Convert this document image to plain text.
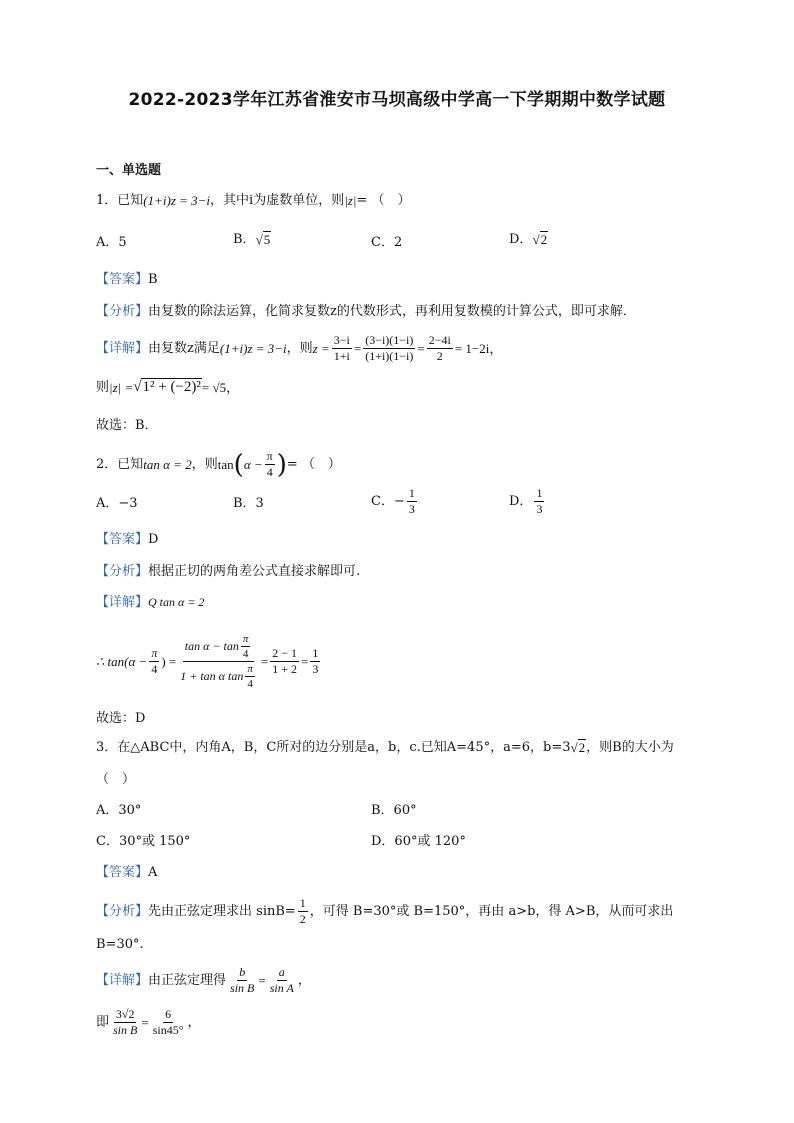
2022-2023学年江苏省淮安市马坝高级中学高一下学期期中数学试题
一、单选题
1．已知 (1+i)z = 3−i ，其中i为虚数单位，则 |z| = （　）
A．5	B． √5	C．2	D． √2
【答案】B
【分析】由复数的除法运算，化简求复数z的代数形式，再利用复数模的计算公式，即可求解．
【详解】 由复数z满足 (1+i)z = 3−i ，则 $z = \frac{3-i}{1+i} = \frac{(3-i)(1-i)}{(1+i)(1-i)} = \frac{2-4i}{2} = 1-2i$，
则 |z| = √1² + (−2)² = √5，
故选：B．
2．已知 tan α = 2 ，则 tan ( $\alpha - \frac{\pi}{4}$ ) = （　）
A．−3	B．3	C．− $\frac{1}{3}$	D． $\frac{1}{3}$
【答案】D
【分析】根据正切的两角差公式直接求解即可.
【详解】Q tan α = 2
∴ $\tan(\alpha - \frac{\pi}{4}$ ) = $\frac{\tan \alpha - \tan \frac{\pi}{4}}{1 + \tan \alpha \tan \frac{\pi}{4}} = \frac{2 - 1}{1 + 2} = \frac{1}{3}$
故选：D
3．在△ABC中，内角A，B，C所对的边分别是a，b，c.已知A=45°，a=6，b=3 √2 ，则B的大小为
（　）
A．30°	B．60°
C．30°或 150°	D．60°或 120°
【答案】A
【分析】 先由正弦定理求出 $\sin B= \frac{1}{2}$ ，可得 B=30°或 B=150°，再由 a>b，得 A>B，从而可求出
B=30°.
【详解】 由正弦定理得 $\frac{b}{\text{sin B}} = \frac{a}{\text{sin A}}$ ，
即 $\frac{3√2}{\text{sin B}} = \frac{6}{\sin 45^\circ}$ ，
